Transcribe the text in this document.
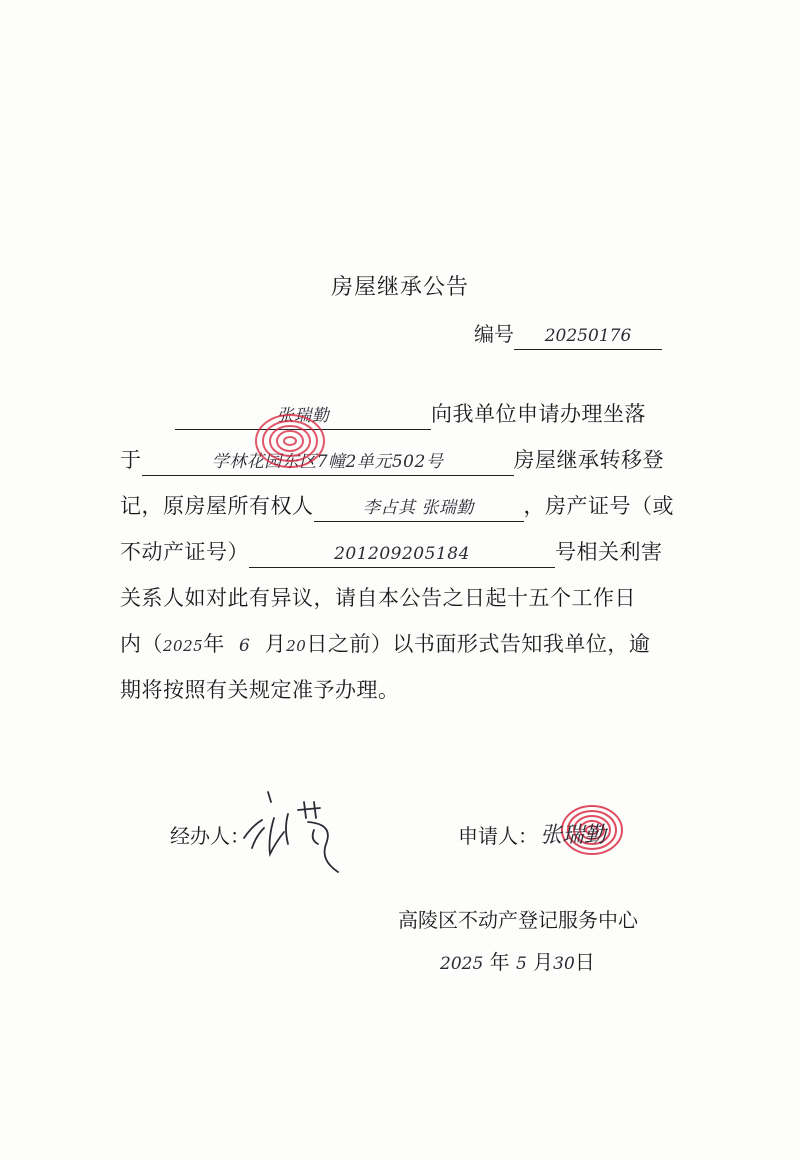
房屋继承公告
编号 20250176
张瑞勤	向我单位申请办理坐落
于	学林花园东区7幢2单元502号	房屋继承转移登
记，原房屋所有权人	李占其 张瑞勤 ，房产证号（或
不动产证号）	201209205184	号相关利害
关系人如对此有异议，请自本公告之日起十五个工作日
内（2025年 6 月20日之前）以书面形式告知我单位，逾
期将按照有关规定准予办理。
经办人：	申请人： 张瑞勤
高陵区不动产登记服务中心
2025 年 5 月30日
